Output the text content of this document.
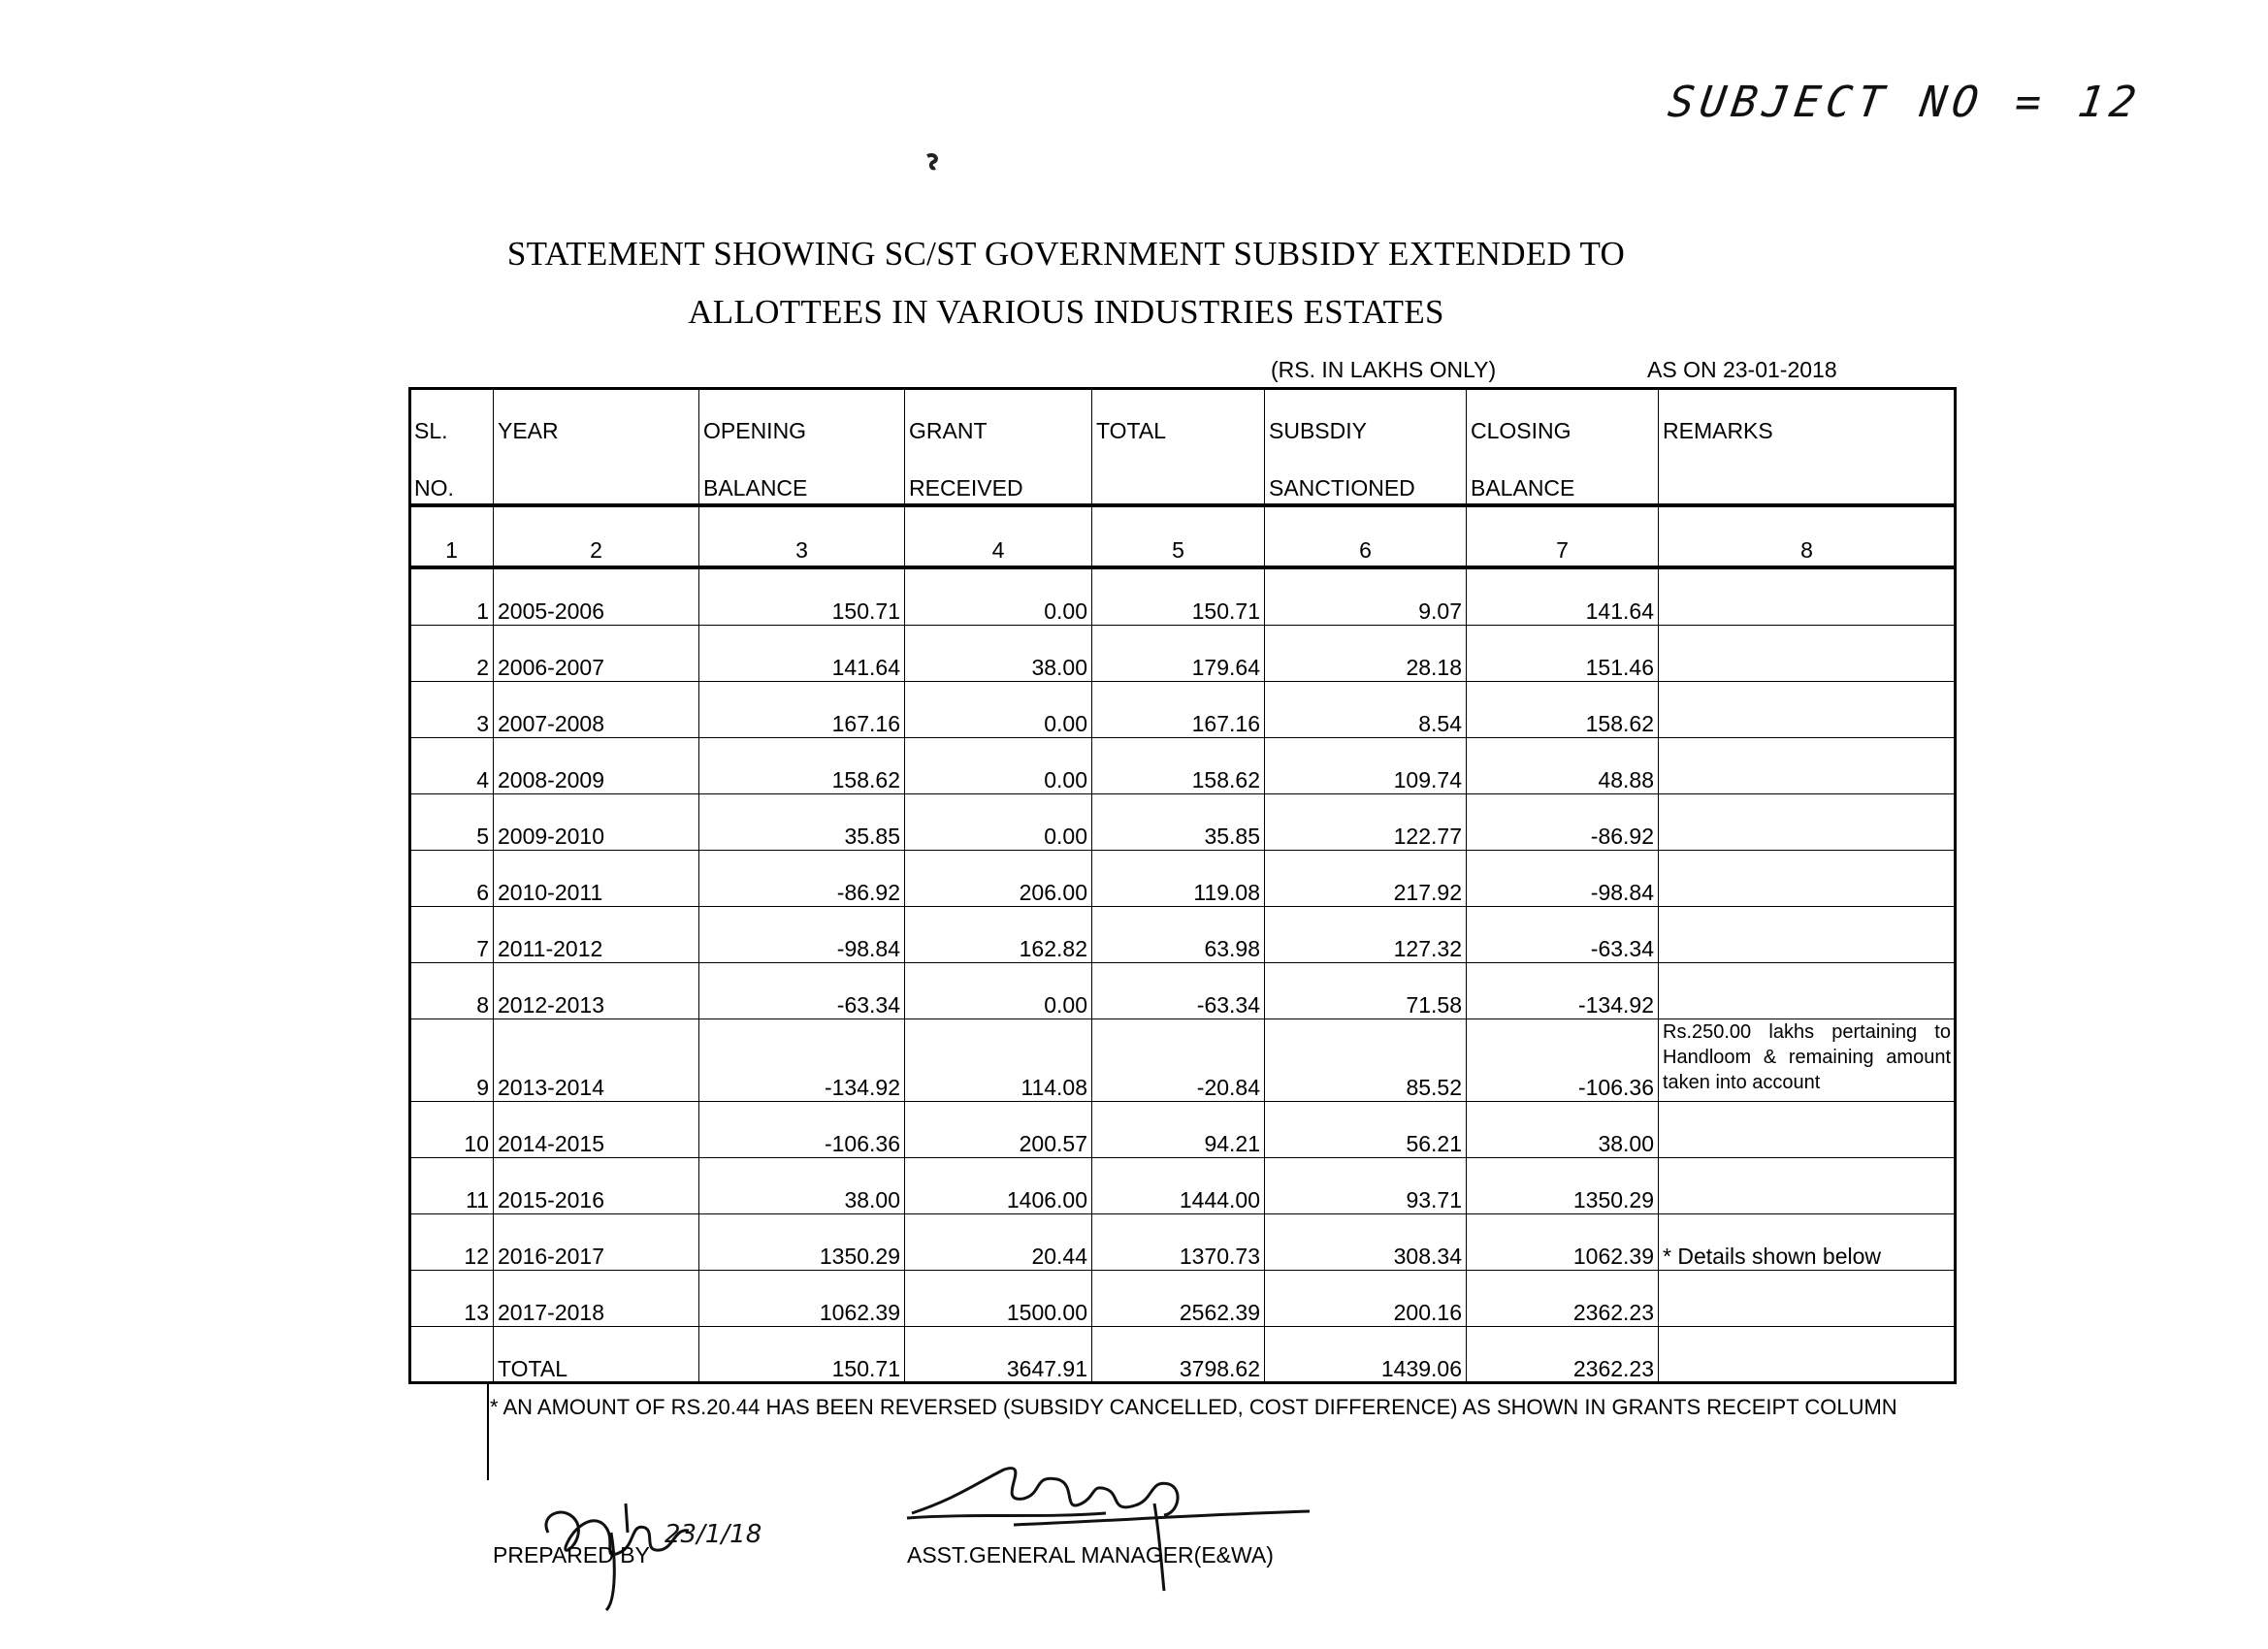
SUBJECT NO = 12
STATEMENT SHOWING SC/ST GOVERNMENT SUBSIDY EXTENDED TO
ALLOTTEES IN VARIOUS INDUSTRIES ESTATES
(RS. IN LAKHS ONLY)	AS ON 23-01-2018
SL.	YEAR	OPENING	GRANT	TOTAL	SUBSDIY	CLOSING	REMARKS
NO.		BALANCE	RECEIVED		SANCTIONED	BALANCE	
1	2	3	4	5	6	7	8
1	2005-2006	150.71	0.00	150.71	9.07	141.64	
2	2006-2007	141.64	38.00	179.64	28.18	151.46	
3	2007-2008	167.16	0.00	167.16	8.54	158.62	
4	2008-2009	158.62	0.00	158.62	109.74	48.88	
5	2009-2010	35.85	0.00	35.85	122.77	-86.92	
6	2010-2011	-86.92	206.00	119.08	217.92	-98.84	
7	2011-2012	-98.84	162.82	63.98	127.32	-63.34	
8	2012-2013	-63.34	0.00	-63.34	71.58	-134.92	
9	2013-2014	-134.92	114.08	-20.84	85.52	-106.36	Rs.250.00 lakhs pertaining to Handloom & remaining amount taken into account
10	2014-2015	-106.36	200.57	94.21	56.21	38.00	
11	2015-2016	38.00	1406.00	1444.00	93.71	1350.29	
12	2016-2017	1350.29	20.44	1370.73	308.34	1062.39	* Details shown below
13	2017-2018	1062.39	1500.00	2562.39	200.16	2362.23	
	TOTAL	150.71	3647.91	3798.62	1439.06	2362.23	
* AN AMOUNT OF RS.20.44 HAS BEEN REVERSED (SUBSIDY CANCELLED, COST DIFFERENCE) AS SHOWN IN GRANTS RECEIPT COLUMN
23/1/18
PREPARED BY	ASST.GENERAL MANAGER(E&WA)
